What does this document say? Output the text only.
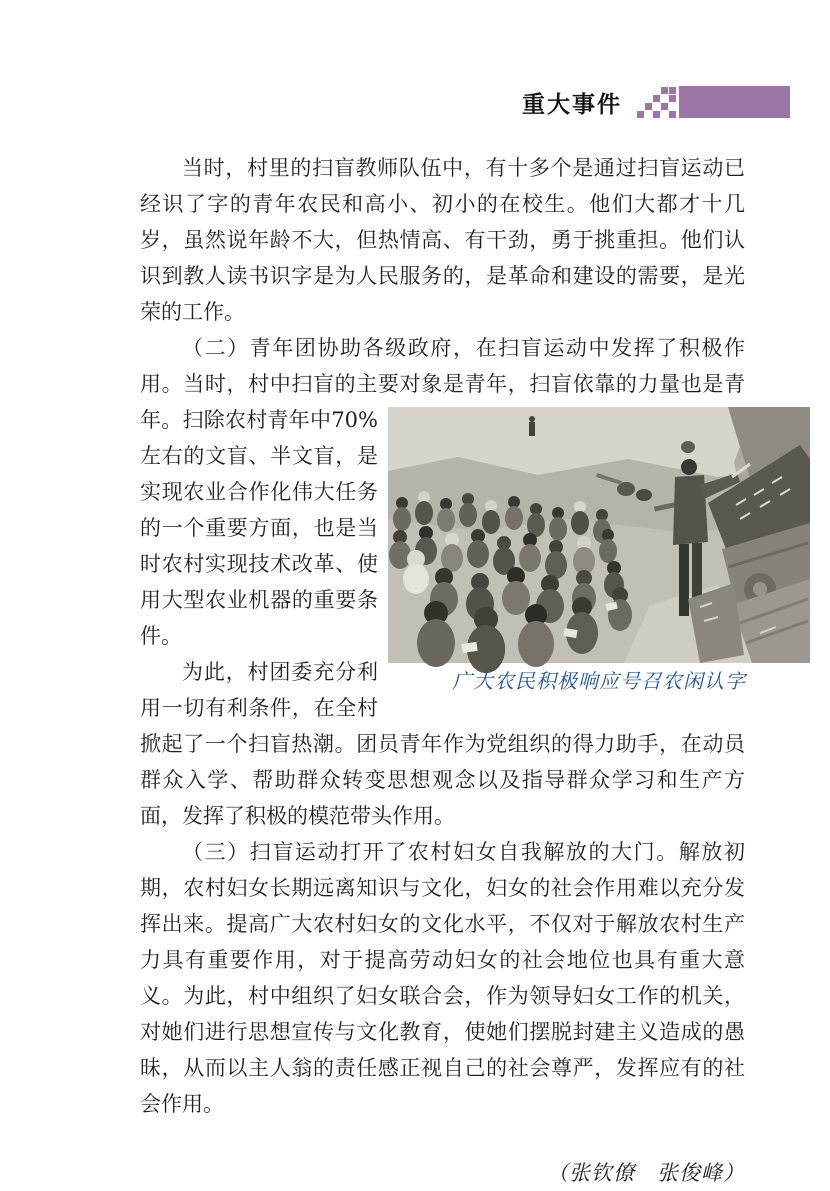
重大事件

当时，村里的扫盲教师队伍中，有十多个是通过扫盲运动已经识了字的青年农民和高小、初小的在校生。他们大都才十几岁，虽然说年龄不大，但热情高、有干劲，勇于挑重担。他们认识到教人读书识字是为人民服务的，是革命和建设的需要，是光荣的工作。

（二）青年团协助各级政府，在扫盲运动中发挥了积极作用。当时，村中扫盲的主要对象是青年，扫盲依靠的力量也是青年。扫除农村青年中
广大农民积极响应号召农闲认字
70%左右的文盲、半文盲，是实现农业合作化伟大任务的一个重要方面，也是当时农村实现技术改革、使用大型农业机器的重要条件。

为此，村团委充分利用一切有利条件，在全村掀起了一个扫盲热潮。团员青年作为党组织的得力助手，在动员群众入学、帮助群众转变思想观念以及指导群众学习和生产方面，发挥了积极的模范带头作用。

（三）扫盲运动打开了农村妇女自我解放的大门。解放初期，农村妇女长期远离知识与文化，妇女的社会作用难以充分发挥出来。提高广大农村妇女的文化水平，不仅对于解放农村生产力具有重要作用，对于提高劳动妇女的社会地位也具有重大意义。为此，村中组织了妇女联合会，作为领导妇女工作的机关，对她们进行思想宣传与文化教育，使她们摆脱封建主义造成的愚昧，从而以主人翁的责任感正视自己的社会尊严，发挥应有的社会作用。

（张钦僚　张俊峰）
